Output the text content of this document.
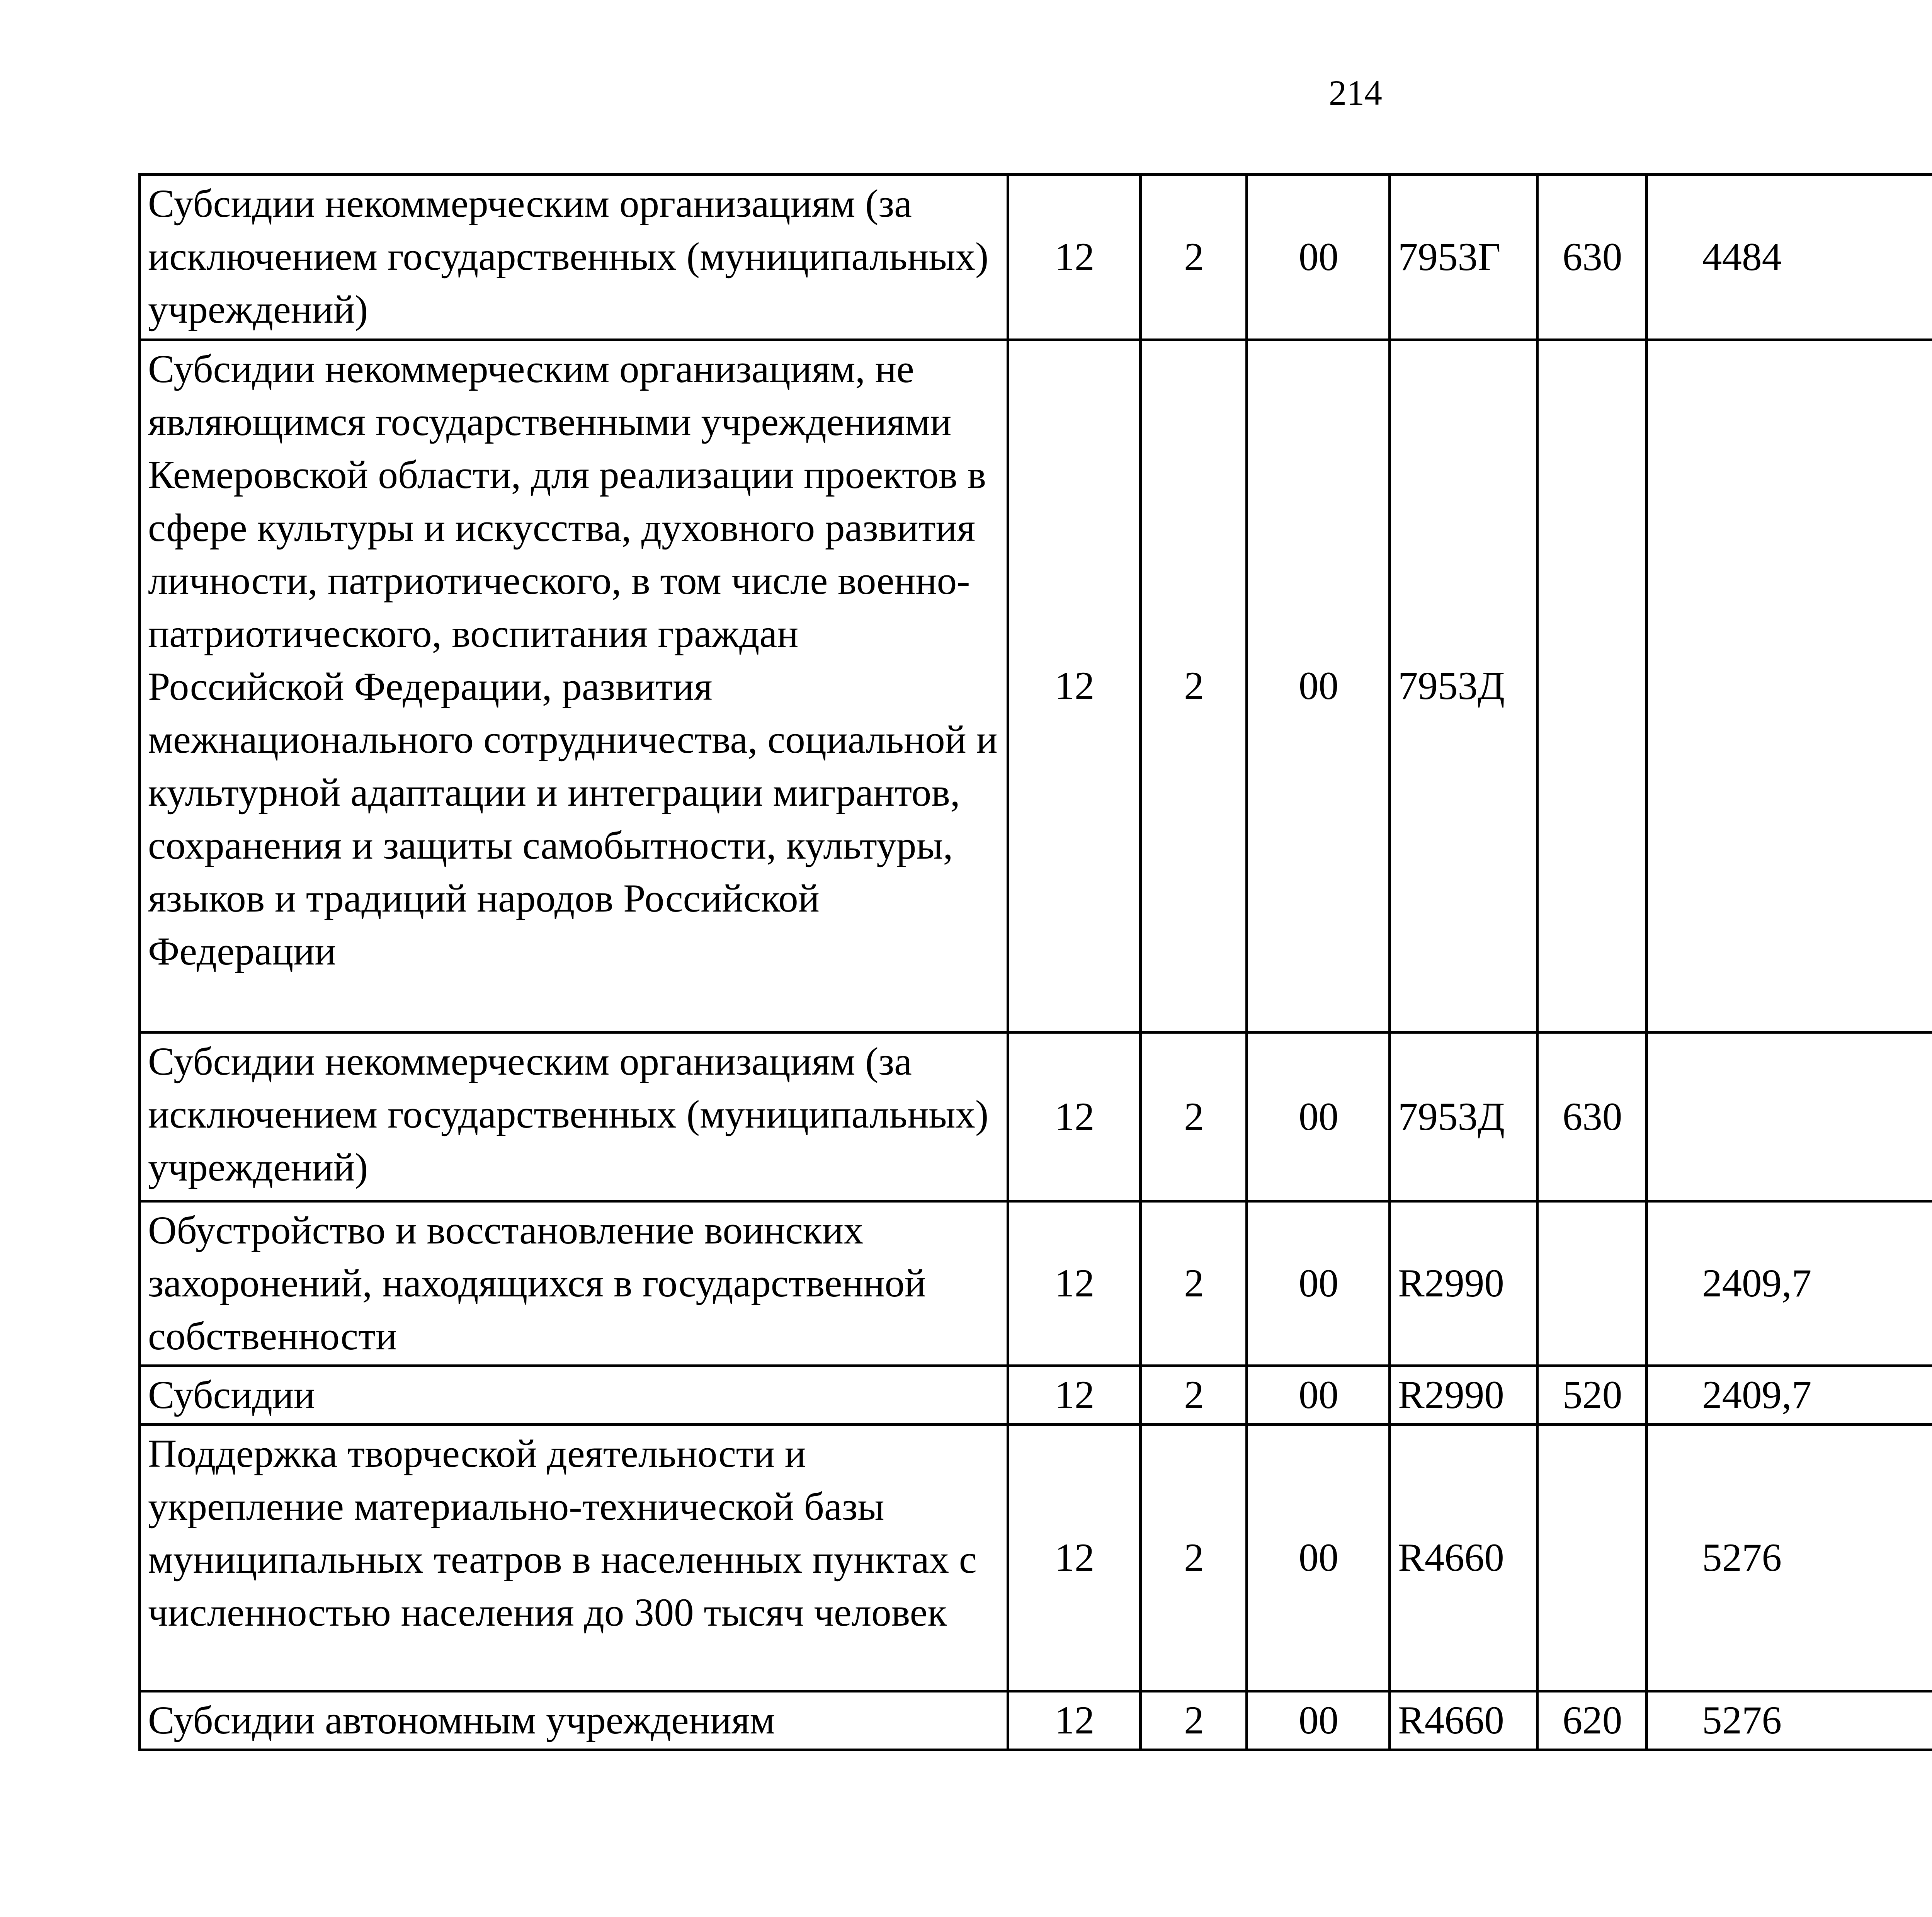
214
Субсидии некоммерческим организациям (за исключением государственных (муниципальных) учреждений)	12	2	00	7953Г	630	4484		
Субсидии некоммерческим организациям, не являющимся государственными учреждениями Кемеровской области, для реализации проектов в сфере культуры и искусства, духовного развития личности, патриотического, в том числе военно-патриотического, воспитания граждан Российской Федерации, развития межнационального сотрудничества, социальной и культурной адаптации и интеграции мигрантов, сохранения и защиты самобытности, культуры, языков и традиций народов Российской Федерации	12	2	00	7953Д				
Субсидии некоммерческим организациям (за исключением государственных (муниципальных) учреждений)	12	2	00	7953Д	630			
Обустройство и восстановление воинских захоронений, находящихся в государственной собственности	12	2	00	R2990		2409,7		
Субсидии	12	2	00	R2990	520	2409,7		
Поддержка творческой деятельности и укрепление материально-технической базы муниципальных театров в населенных пунктах с численностью населения до 300 тысяч человек	12	2	00	R4660		5276		
Субсидии автономным учреждениям	12	2	00	R4660	620	5276		
